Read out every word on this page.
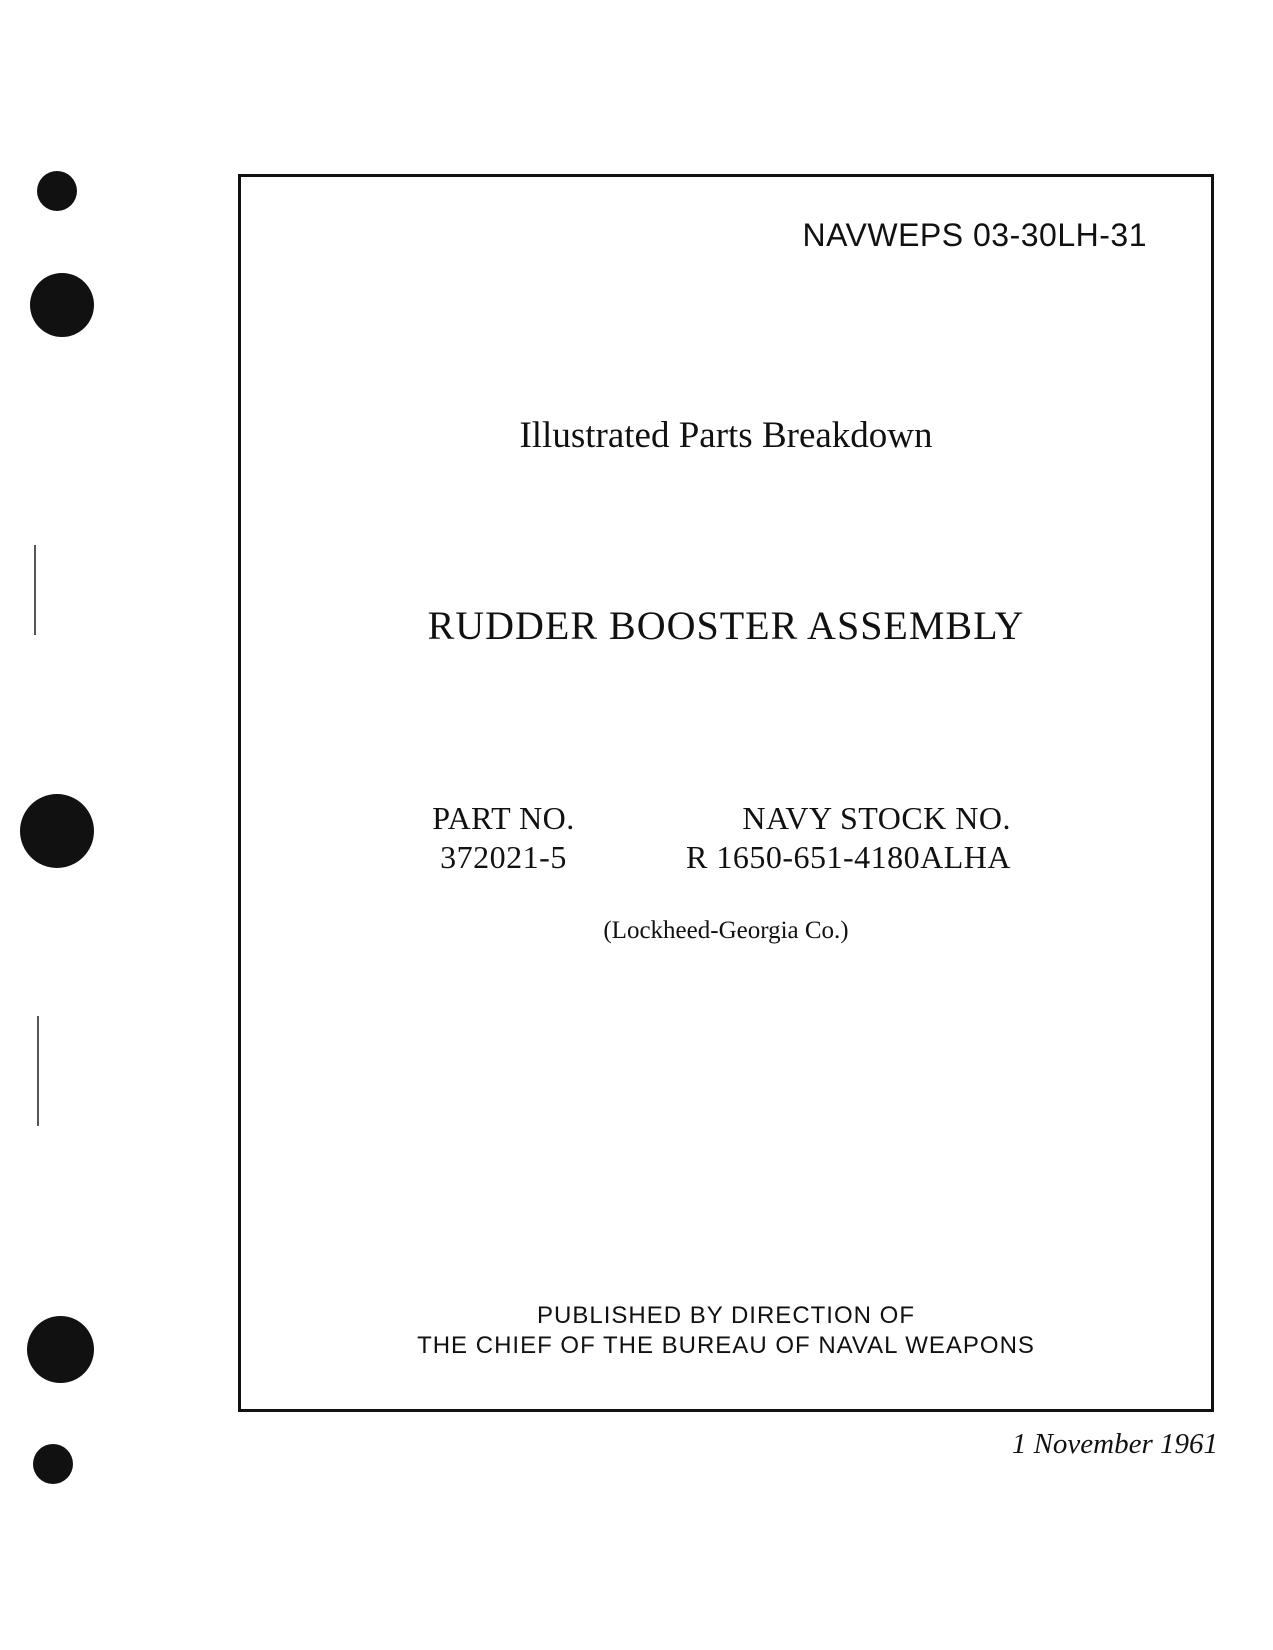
NAVWEPS 03-30LH-31
Illustrated Parts Breakdown
RUDDER BOOSTER ASSEMBLY
PART NO.
372021-5
NAVY STOCK NO.
R 1650-651-4180ALHA
(Lockheed-Georgia Co.)
PUBLISHED BY DIRECTION OF
THE CHIEF OF THE BUREAU OF NAVAL WEAPONS
1 November 1961
